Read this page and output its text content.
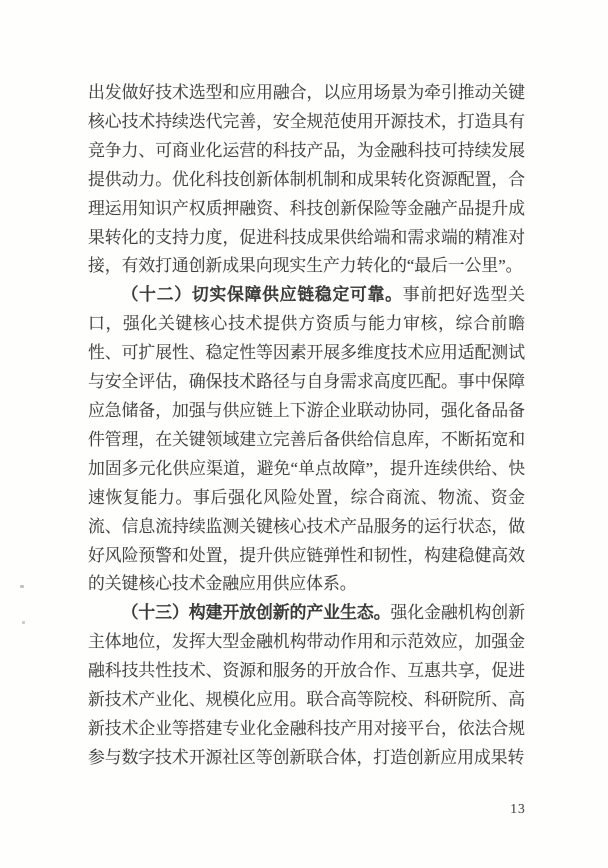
出发做好技术选型和应用融合，以应用场景为牵引推动关键核心技术持续迭代完善，安全规范使用开源技术，打造具有竞争力、可商业化运营的科技产品，为金融科技可持续发展提供动力。优化科技创新体制机制和成果转化资源配置，合理运用知识产权质押融资、科技创新保险等金融产品提升成果转化的支持力度，促进科技成果供给端和需求端的精准对接，有效打通创新成果向现实生产力转化的“最后一公里”。

（十二）切实保障供应链稳定可靠。事前把好选型关口，强化关键核心技术提供方资质与能力审核，综合前瞻性、可扩展性、稳定性等因素开展多维度技术应用适配测试与安全评估，确保技术路径与自身需求高度匹配。事中保障应急储备，加强与供应链上下游企业联动协同，强化备品备件管理，在关键领域建立完善后备供给信息库，不断拓宽和加固多元化供应渠道，避免“单点故障”，提升连续供给、快速恢复能力。事后强化风险处置，综合商流、物流、资金流、信息流持续监测关键核心技术产品服务的运行状态，做好风险预警和处置，提升供应链弹性和韧性，构建稳健高效的关键核心技术金融应用供应体系。

（十三）构建开放创新的产业生态。强化金融机构创新主体地位，发挥大型金融机构带动作用和示范效应，加强金融科技共性技术、资源和服务的开放合作、互惠共享，促进新技术产业化、规模化应用。联合高等院校、科研院所、高新技术企业等搭建专业化金融科技产用对接平台，依法合规参与数字技术开源社区等创新联合体，打造创新应用成果转

13
